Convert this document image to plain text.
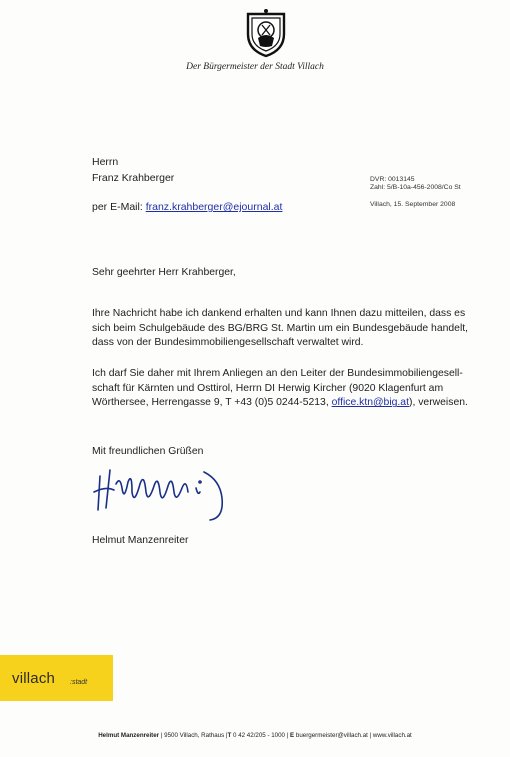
Der Bürgermeister der Stadt Villach
Herrn
Franz Krahberger
per E-Mail: franz.krahberger@ejournal.at
DVR: 0013145
Zahl: 5/B-10a-456-2008/Co St
Villach, 15. September 2008
Sehr geehrter Herr Krahberger,
Ihre Nachricht habe ich dankend erhalten und kann Ihnen dazu mitteilen, dass es
sich beim Schulgebäude des BG/BRG St. Martin um ein Bundesgebäude handelt,
dass von der Bundesimmobiliengesellschaft verwaltet wird.
Ich darf Sie daher mit Ihrem Anliegen an den Leiter der Bundesimmobiliengesell-
schaft für Kärnten und Osttirol, Herrn DI Herwig Kircher (9020 Klagenfurt am
Wörthersee, Herrengasse 9, T +43 (0)5 0244-5213, office.ktn@big.at), verweisen.
Mit freundlichen Grüßen
Helmut Manzenreiter
villach :stadt
Helmut Manzenreiter | 9500 Villach, Rathaus |T 0 42 42/205 - 1000 | E buergermeister@villach.at | www.villach.at
